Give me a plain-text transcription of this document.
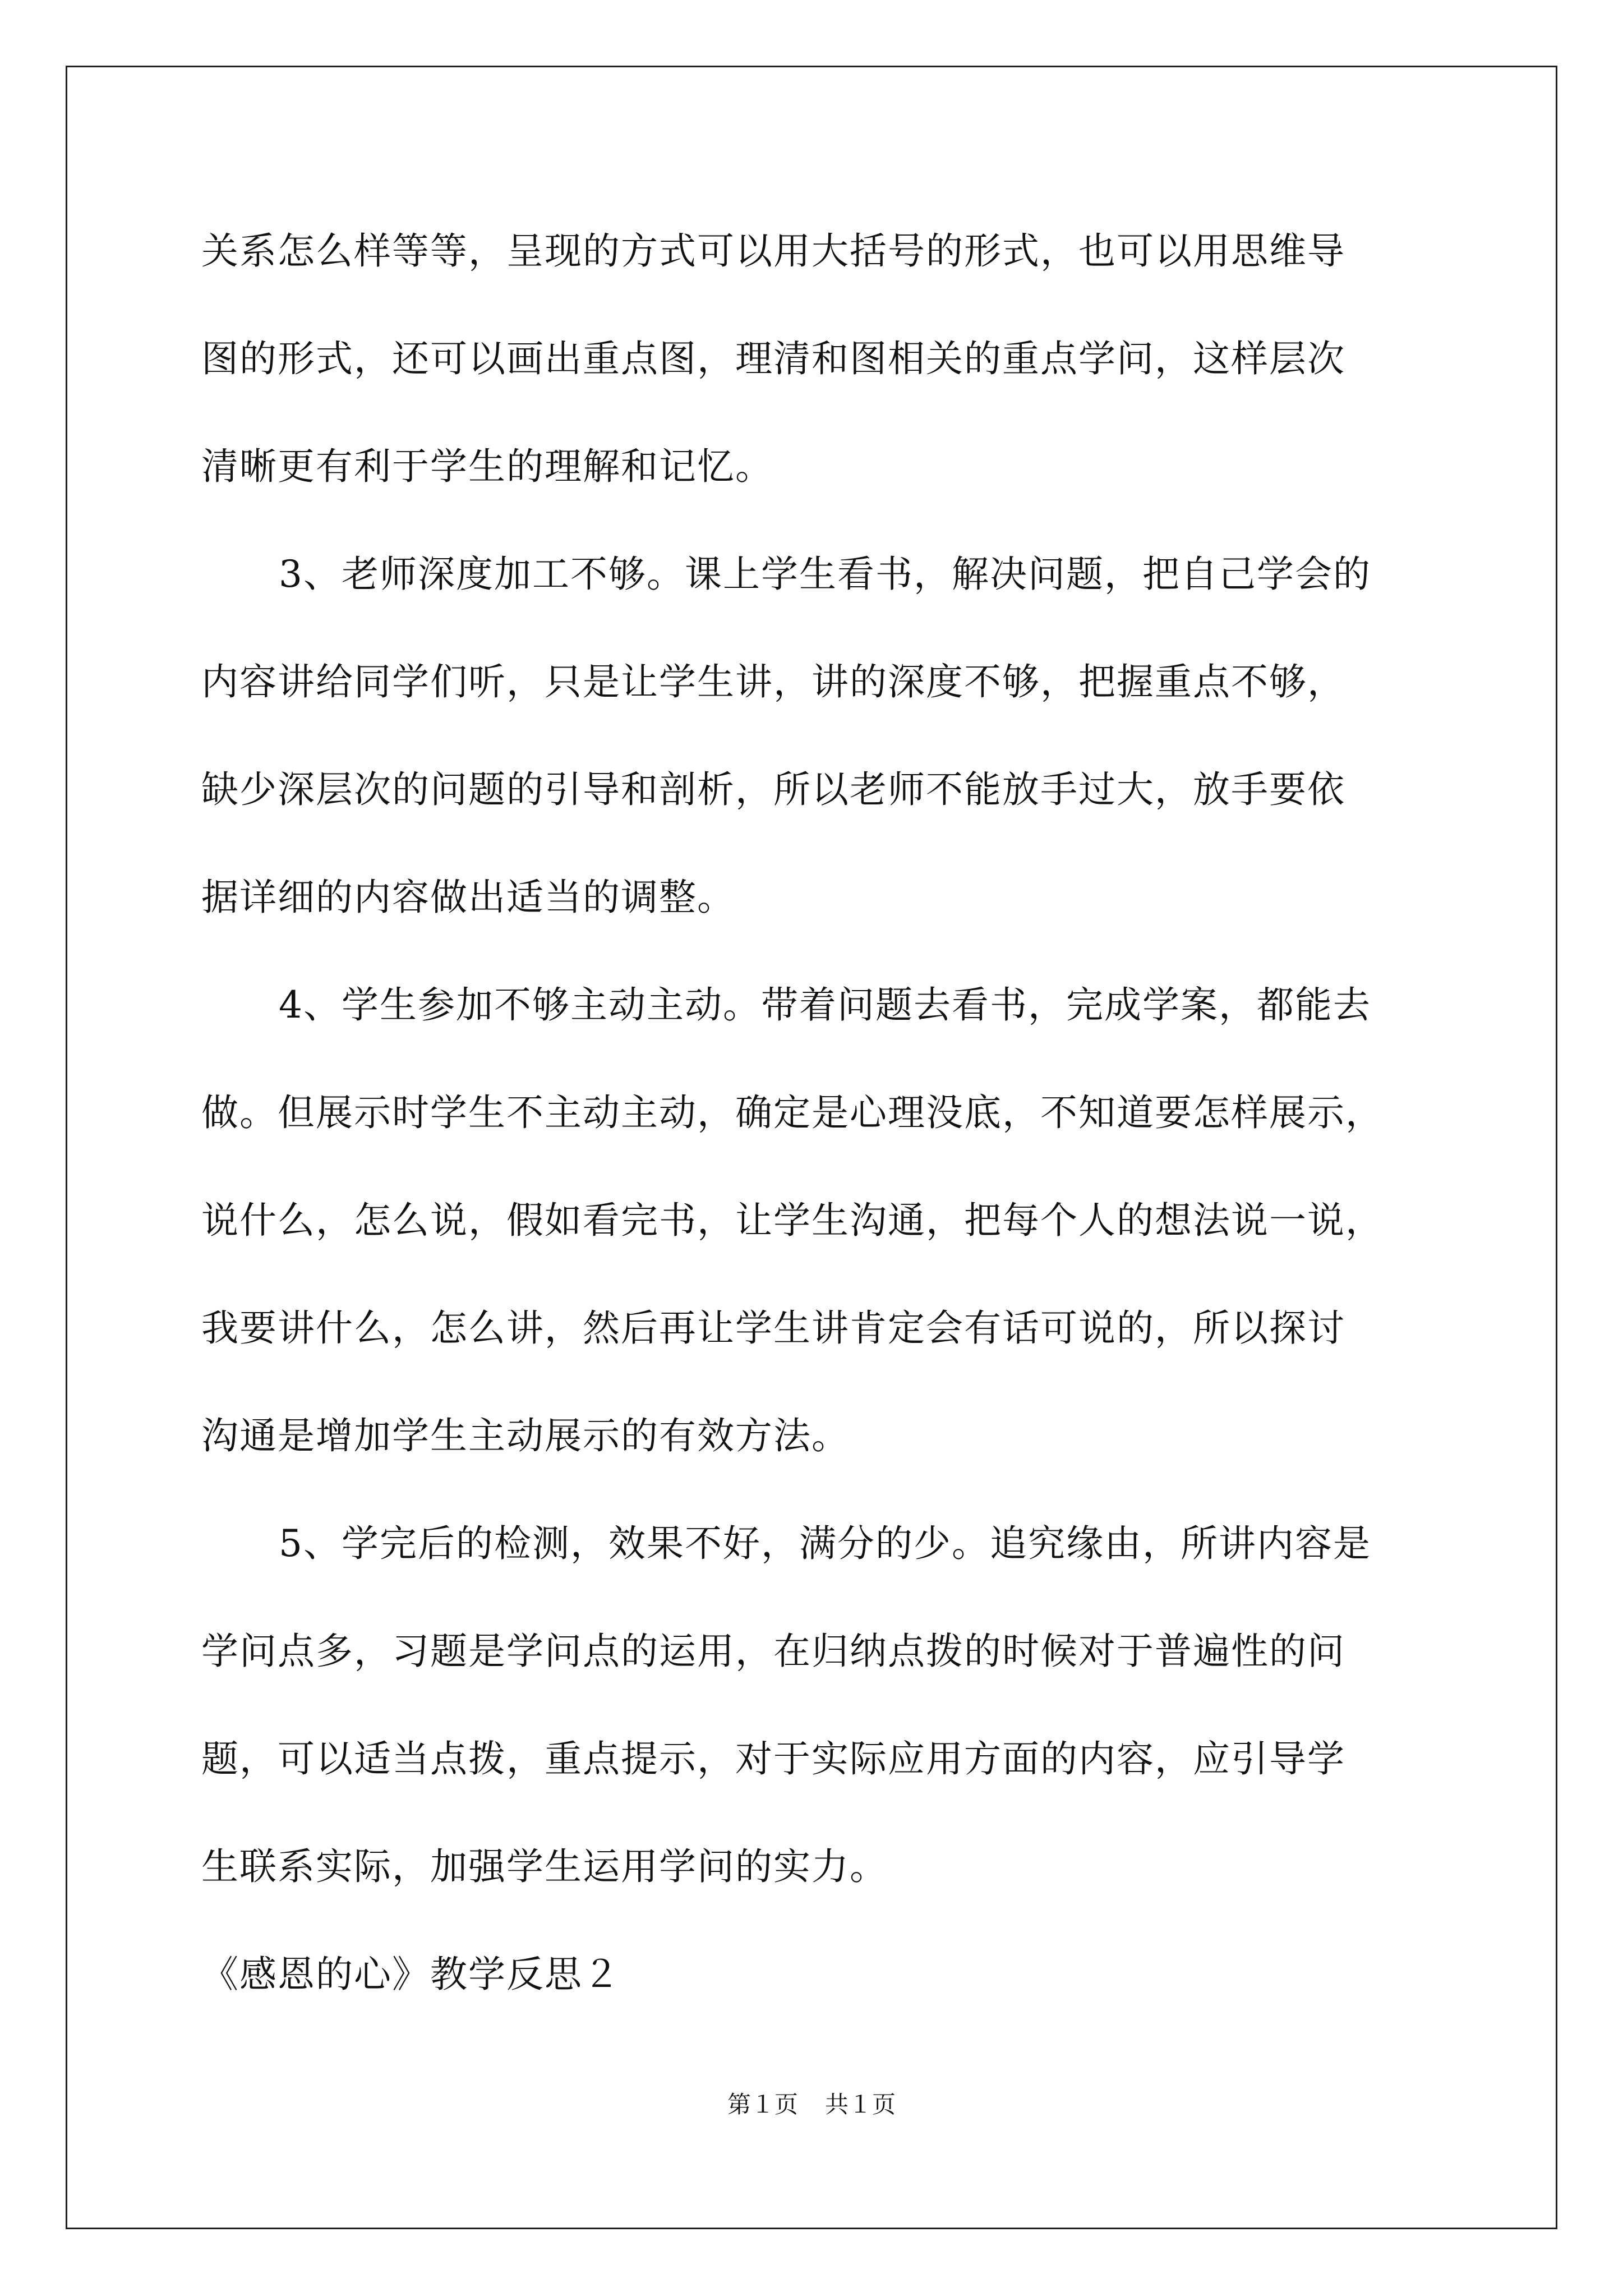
关系怎么样等等，呈现的方式可以用大括号的形式，也可以用思维导
图的形式，还可以画出重点图，理清和图相关的重点学问，这样层次
清晰更有利于学生的理解和记忆。
3、老师深度加工不够。课上学生看书，解决问题，把自己学会的
内容讲给同学们听，只是让学生讲，讲的深度不够，把握重点不够，
缺少深层次的问题的引导和剖析，所以老师不能放手过大，放手要依
据详细的内容做出适当的调整。
4、学生参加不够主动主动。带着问题去看书，完成学案，都能去
做。但展示时学生不主动主动，确定是心理没底，不知道要怎样展示，
说什么，怎么说，假如看完书，让学生沟通，把每个人的想法说一说，
我要讲什么，怎么讲，然后再让学生讲肯定会有话可说的，所以探讨
沟通是增加学生主动展示的有效方法。
5、学完后的检测，效果不好，满分的少。追究缘由，所讲内容是
学问点多，习题是学问点的运用，在归纳点拨的时候对于普遍性的问
题，可以适当点拨，重点提示，对于实际应用方面的内容，应引导学
生联系实际，加强学生运用学问的实力。
《感恩的心》教学反思２
第１页 共１页
